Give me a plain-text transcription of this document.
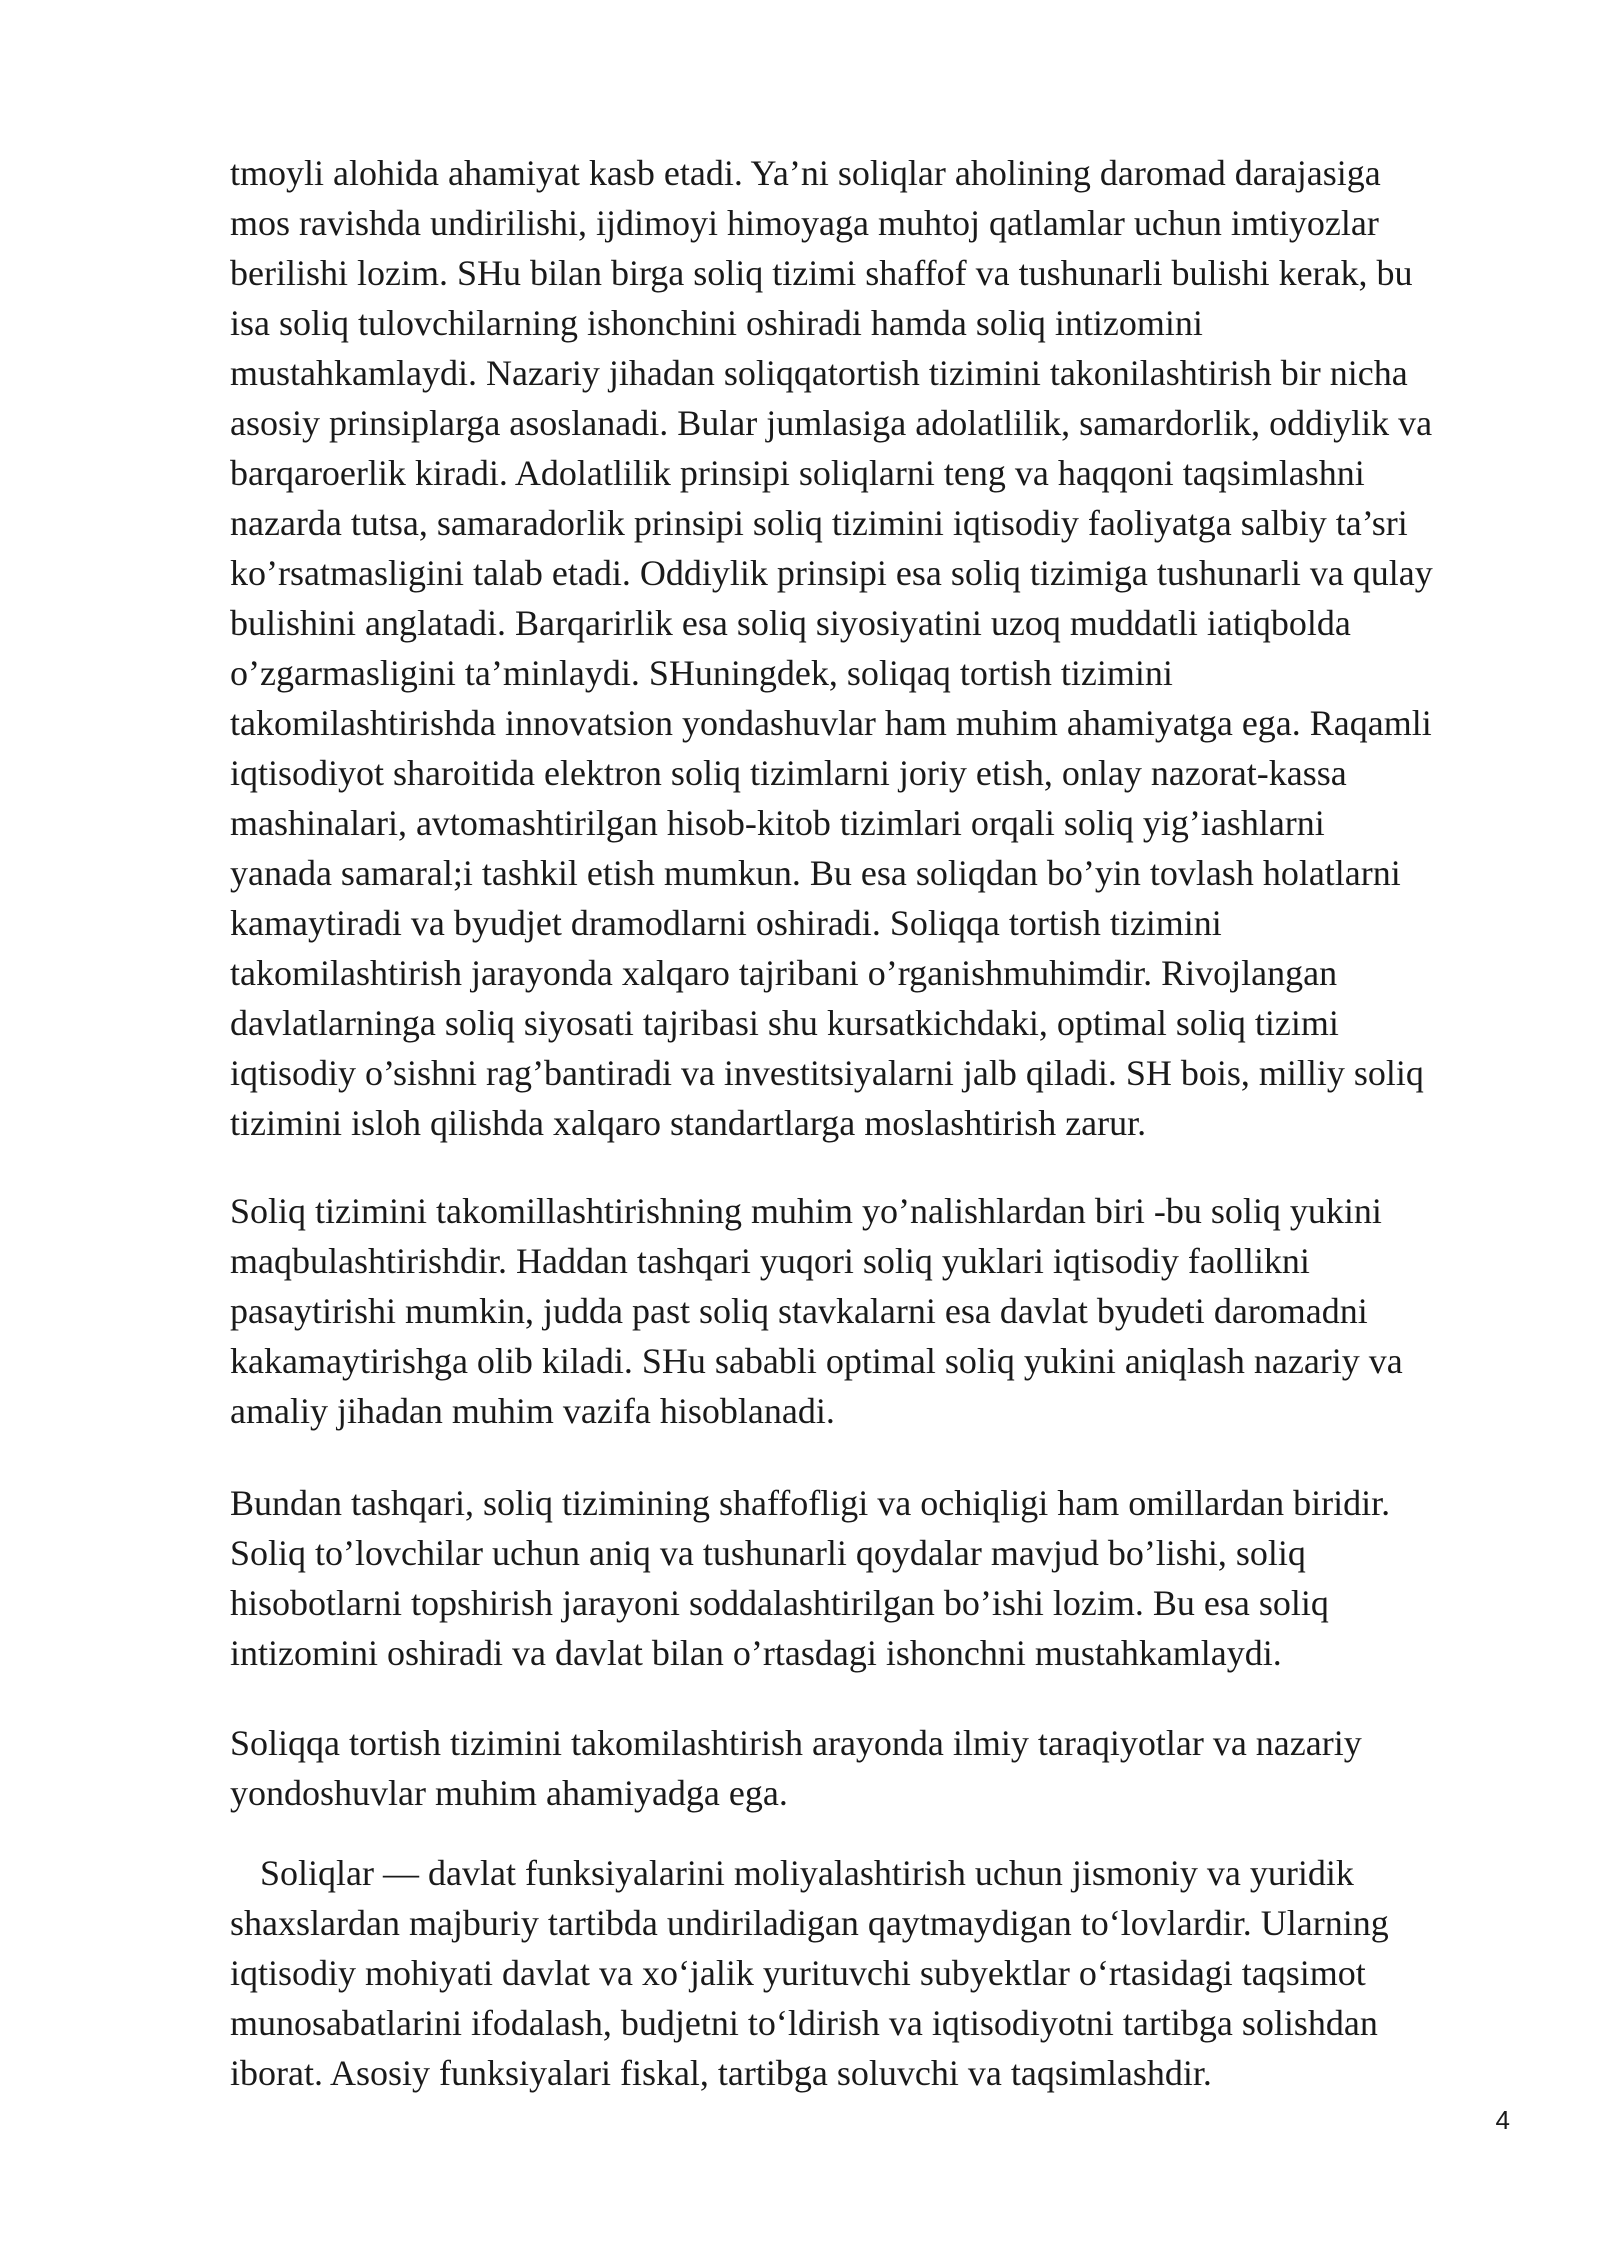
tmoyli alohida ahamiyat kasb etadi. Ya’ni soliqlar aholining daromad darajasiga
mos ravishda undirilishi, ijdimoyi himoyaga muhtoj qatlamlar uchun imtiyozlar
berilishi lozim. SHu bilan birga soliq tizimi shaffof va tushunarli bulishi kerak, bu
isa soliq tulovchilarning ishonchini oshiradi hamda soliq intizomini
mustahkamlaydi. Nazariy jihadan soliqqatortish tizimini takonilashtirish bir nicha
asosiy prinsiplarga asoslanadi. Bular jumlasiga adolatlilik, samardorlik, oddiylik va
barqaroerlik kiradi. Adolatlilik prinsipi soliqlarni teng va haqqoni taqsimlashni
nazarda tutsa, samaradorlik prinsipi soliq tizimini iqtisodiy faoliyatga salbiy ta’sri
ko’rsatmasligini talab etadi. Oddiylik prinsipi esa soliq tizimiga tushunarli va qulay
bulishini anglatadi. Barqarirlik esa soliq siyosiyatini uzoq muddatli iatiqbolda
o’zgarmasligini ta’minlaydi. SHuningdek, soliqaq tortish tizimini
takomilashtirishda innovatsion yondashuvlar ham muhim ahamiyatga ega. Raqamli
iqtisodiyot sharoitida elektron soliq tizimlarni joriy etish, onlay nazorat-kassa
mashinalari, avtomashtirilgan hisob-kitob tizimlari orqali soliq yig’iashlarni
yanada samaral;i tashkil etish mumkun. Bu esa soliqdan bo’yin tovlash holatlarni
kamaytiradi va byudjet dramodlarni oshiradi. Soliqqa tortish tizimini
takomilashtirish jarayonda xalqaro tajribani o’rganishmuhimdir. Rivojlangan
davlatlarninga soliq siyosati tajribasi shu kursatkichdaki, optimal soliq tizimi
iqtisodiy o’sishni rag’bantiradi va investitsiyalarni jalb qiladi. SH bois, milliy soliq
tizimini isloh qilishda xalqaro standartlarga moslashtirish zarur.

Soliq tizimini takomillashtirishning muhim yo’nalishlardan biri -bu soliq yukini
maqbulashtirishdir. Haddan tashqari yuqori soliq yuklari iqtisodiy faollikni
pasaytirishi mumkin, judda past soliq stavkalarni esa davlat byudeti daromadni
kakamaytirishga olib kiladi. SHu sababli optimal soliq yukini aniqlash nazariy va
amaliy jihadan muhim vazifa hisoblanadi.

Bundan tashqari, soliq tizimining shaffofligi va ochiqligi ham omillardan biridir.
Soliq to’lovchilar uchun aniq va tushunarli qoydalar mavjud bo’lishi, soliq
hisobotlarni topshirish jarayoni soddalashtirilgan bo’ishi lozim. Bu esa soliq
intizomini oshiradi va davlat bilan o’rtasdagi ishonchni mustahkamlaydi.

Soliqqa tortish tizimini takomilashtirish arayonda ilmiy taraqiyotlar va nazariy
yondoshuvlar muhim ahamiyadga ega.

Soliqlar — davlat funksiyalarini moliyalashtirish uchun jismoniy va yuridik
shaxslardan majburiy tartibda undiriladigan qaytmaydigan to‘lovlardir. Ularning
iqtisodiy mohiyati davlat va xo‘jalik yurituvchi subyektlar o‘rtasidagi taqsimot
munosabatlarini ifodalash, budjetni to‘ldirish va iqtisodiyotni tartibga solishdan
iborat. Asosiy funksiyalari fiskal, tartibga soluvchi va taqsimlashdir.

4
